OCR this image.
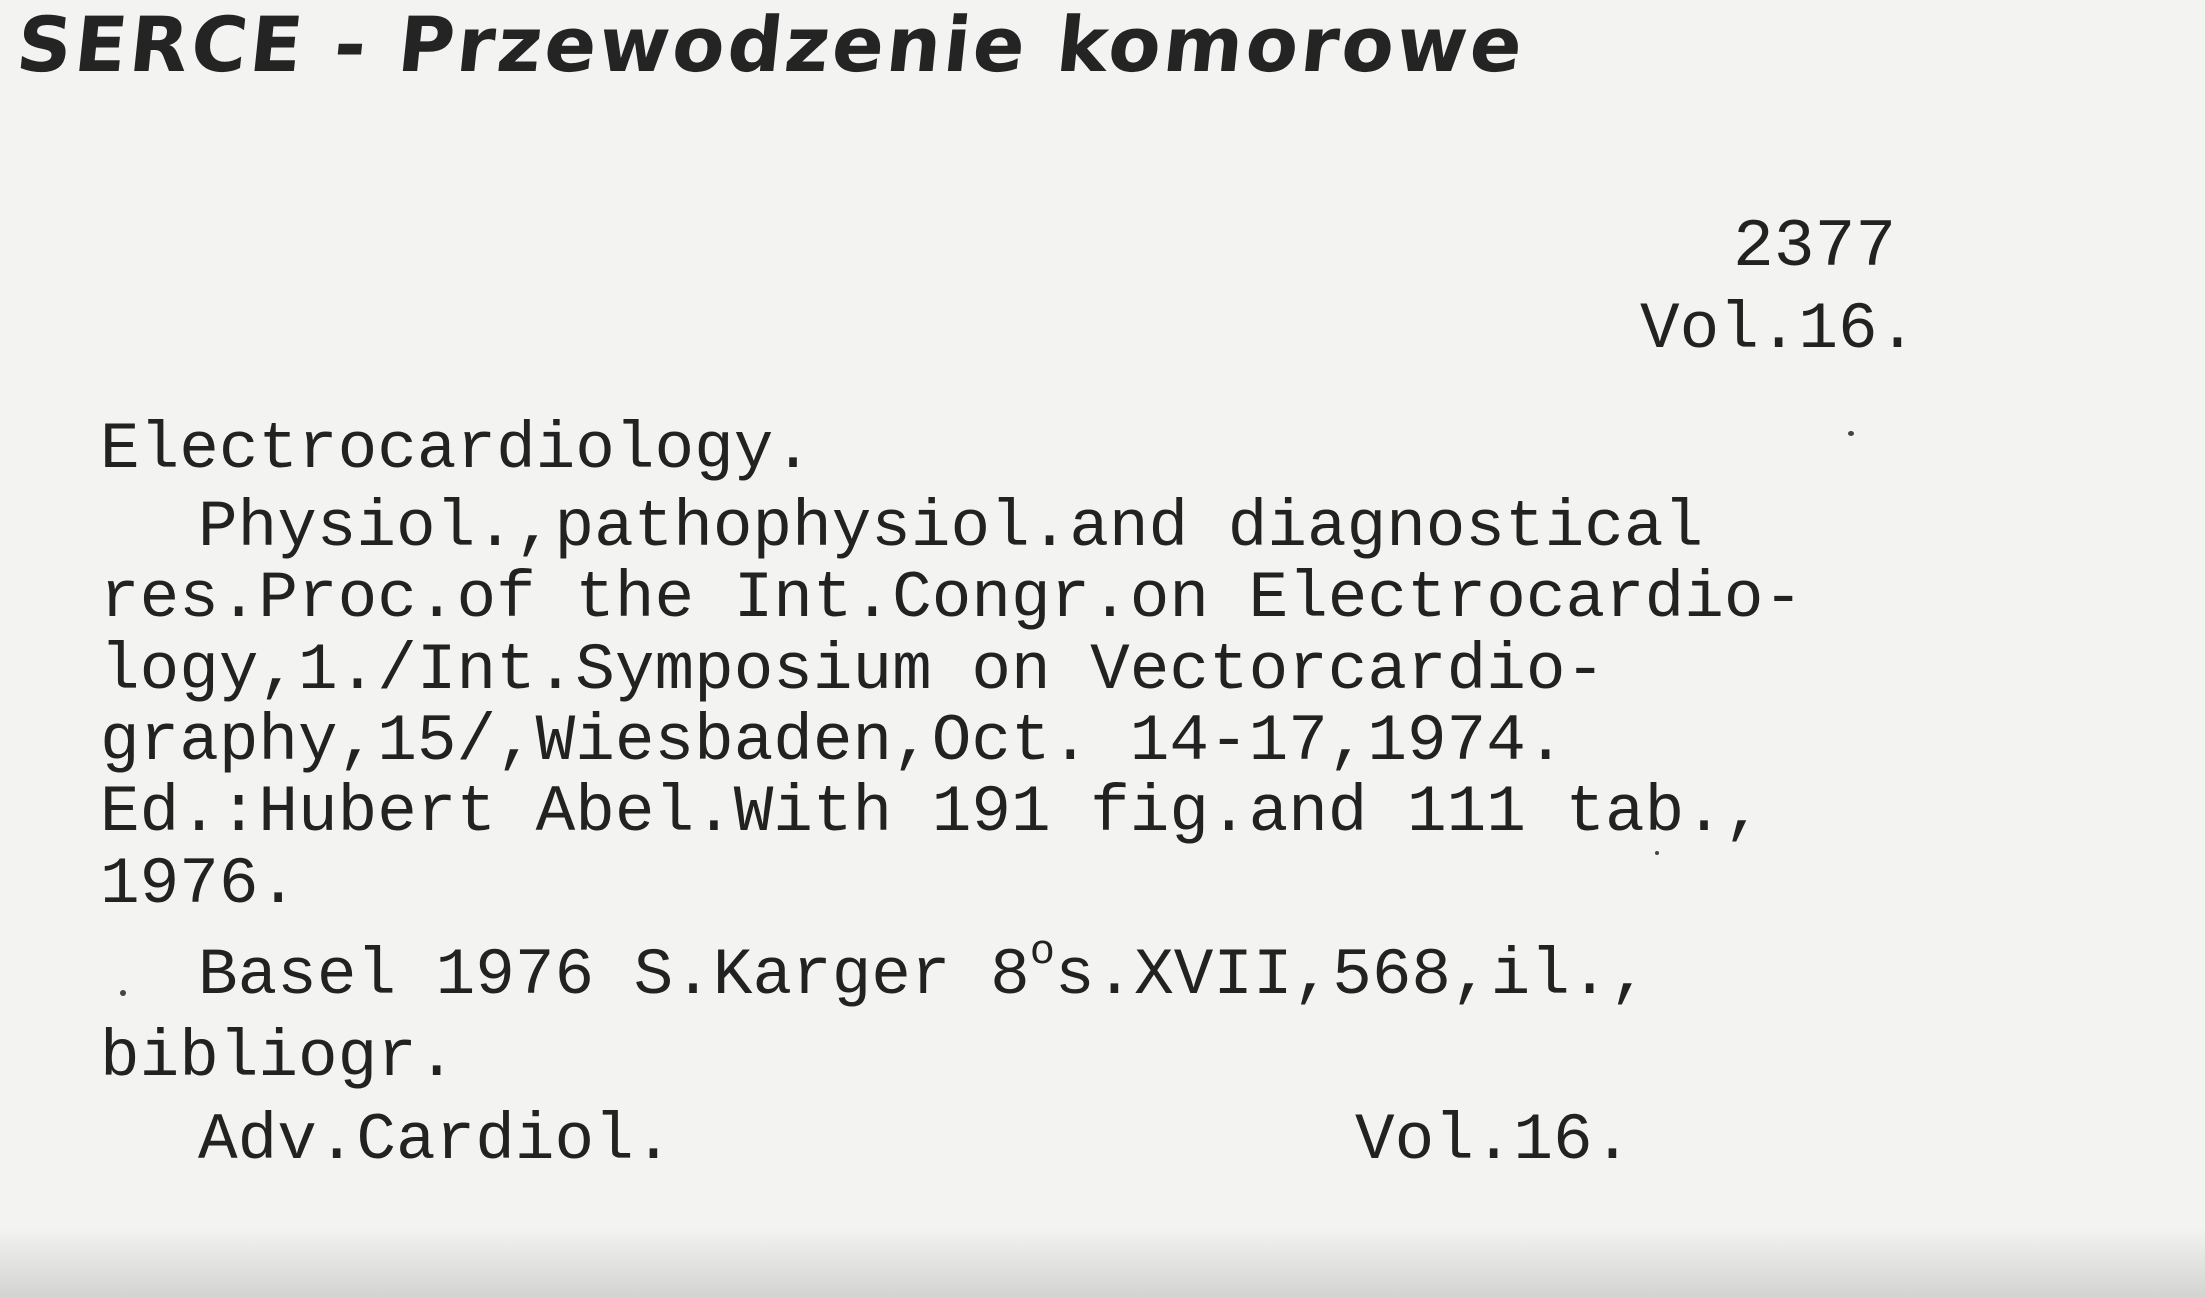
SERCE - Przewodzenie komorowe
2377
Vol.16.
Electrocardiology.
Physiol.,pathophysiol.and diagnostical
res.Proc.of the Int.Congr.on Electrocardio-
logy,1./Int.Symposium on Vectorcardio-
graphy,15/,Wiesbaden,Oct. 14-17,1974.
Ed.:Hubert Abel.With 191 fig.and 111 tab.,
1976.
Basel 1976 S.Karger 8$^o$s.XVII,568,il.,
bibliogr.
Adv.Cardiol.	Vol.16.
